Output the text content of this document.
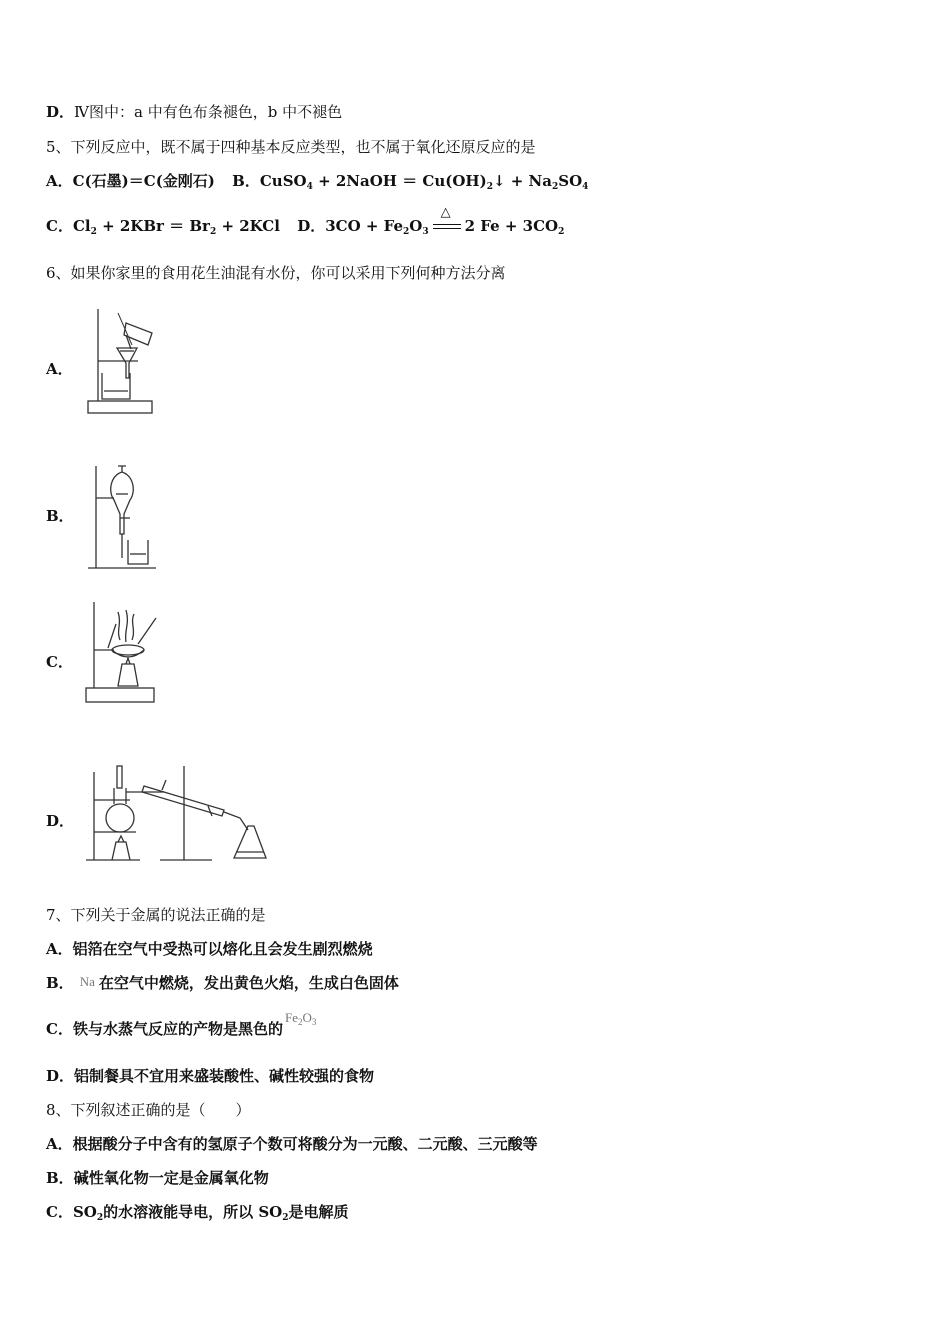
D．Ⅳ图中：a 中有色布条褪色，b 中不褪色
5、下列反应中，既不属于四种基本反应类型，也不属于氧化还原反应的是
A．C(石墨)＝C(金刚石) B．CuSO$_4$ + 2NaOH ＝ $Cu(OH)_2↓ + Na_2SO_4$
C．$Cl_2 + 2KBr = Br_2 + 2KCl$ D．$3CO + Fe_2O_3$
△
2 $Fe + 3CO_2$
6、如果你家里的食用花生油混有水份，你可以采用下列何种方法分离
A．
B．
C．
D．
7、下列关于金属的说法正确的是
A．铝箔在空气中受热可以熔化且会发生剧烈燃烧
B． Na 在空气中燃烧，发出黄色火焰，生成白色固体
C．铁与水蒸气反应的产物是黑色的$Fe_2O_3$
D．铝制餐具不宜用来盛装酸性、碱性较强的食物
8、下列叙述正确的是（　　）
A．根据酸分子中含有的氢原子个数可将酸分为一元酸、二元酸、三元酸等
B．碱性氧化物一定是金属氧化物
C．$SO_2$的水溶液能导电，所以 $SO_2$是电解质
